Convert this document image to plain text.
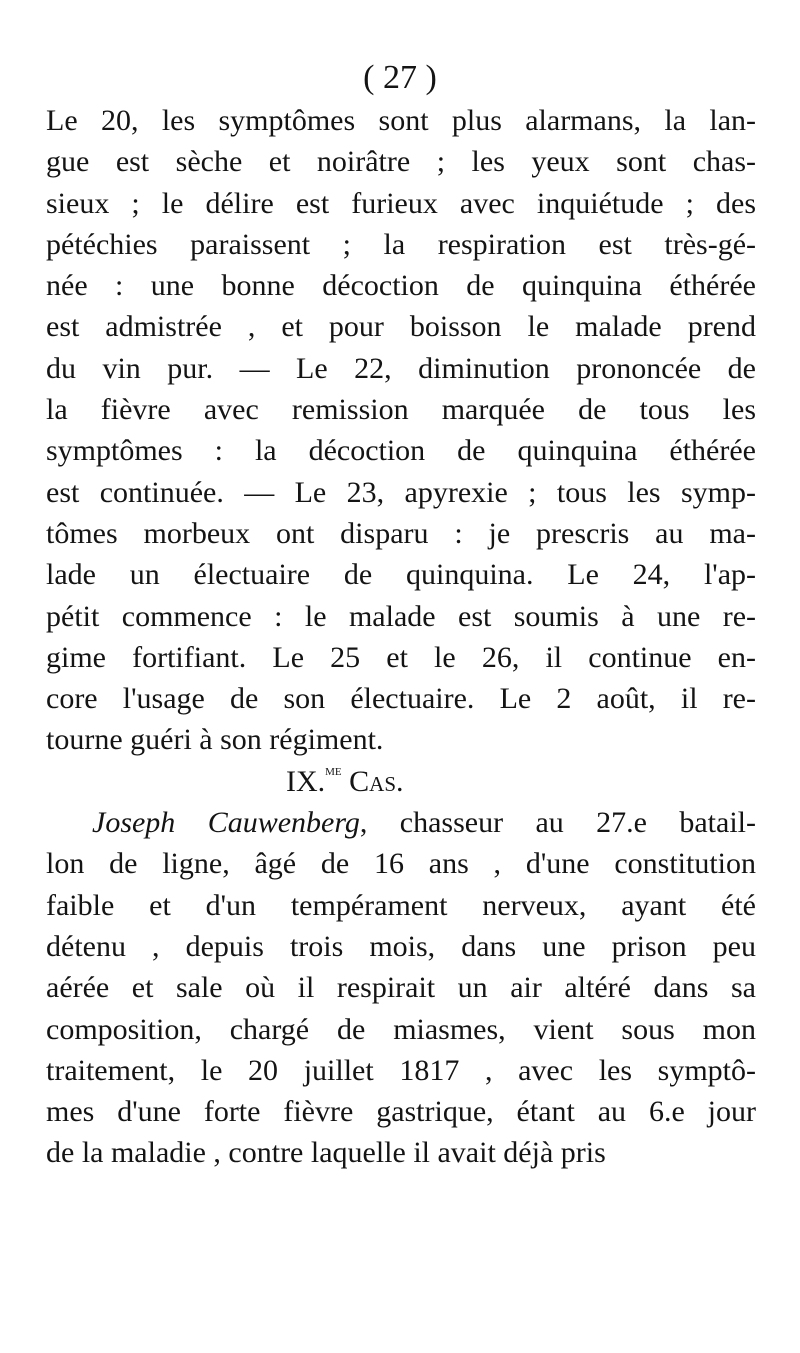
( 27 )
Le 20, les symptômes sont plus alarmans, la lan-
gue est sèche et noirâtre ; les yeux sont chas-
sieux ; le délire est furieux avec inquiétude ; des
pétéchies paraissent ; la respiration est très-gé-
née : une bonne décoction de quinquina éthérée
est admistrée , et pour boisson le malade prend
du vin pur. — Le 22, diminution prononcée de
la fièvre avec remission marquée de tous les
symptômes : la décoction de quinquina éthérée
est continuée. — Le 23, apyrexie ; tous les symp-
tômes morbeux ont disparu : je prescris au ma-
lade un électuaire de quinquina. Le 24, l'ap-
pétit commence : le malade est soumis à une re-
gime fortifiant. Le 25 et le 26, il continue en-
core l'usage de son électuaire. Le 2 août, il re-
tourne guéri à son régiment.
IX.$^{me}$ Cas.
Joseph Cauwenberg, chasseur au 27.e batail-
lon de ligne, âgé de 16 ans , d'une constitution
faible et d'un tempérament nerveux, ayant été
détenu , depuis trois mois, dans une prison peu
aérée et sale où il respirait un air altéré dans sa
composition, chargé de miasmes, vient sous mon
traitement, le 20 juillet 1817 , avec les symptô-
mes d'une forte fièvre gastrique, étant au 6.e jour
de la maladie , contre laquelle il avait déjà pris
